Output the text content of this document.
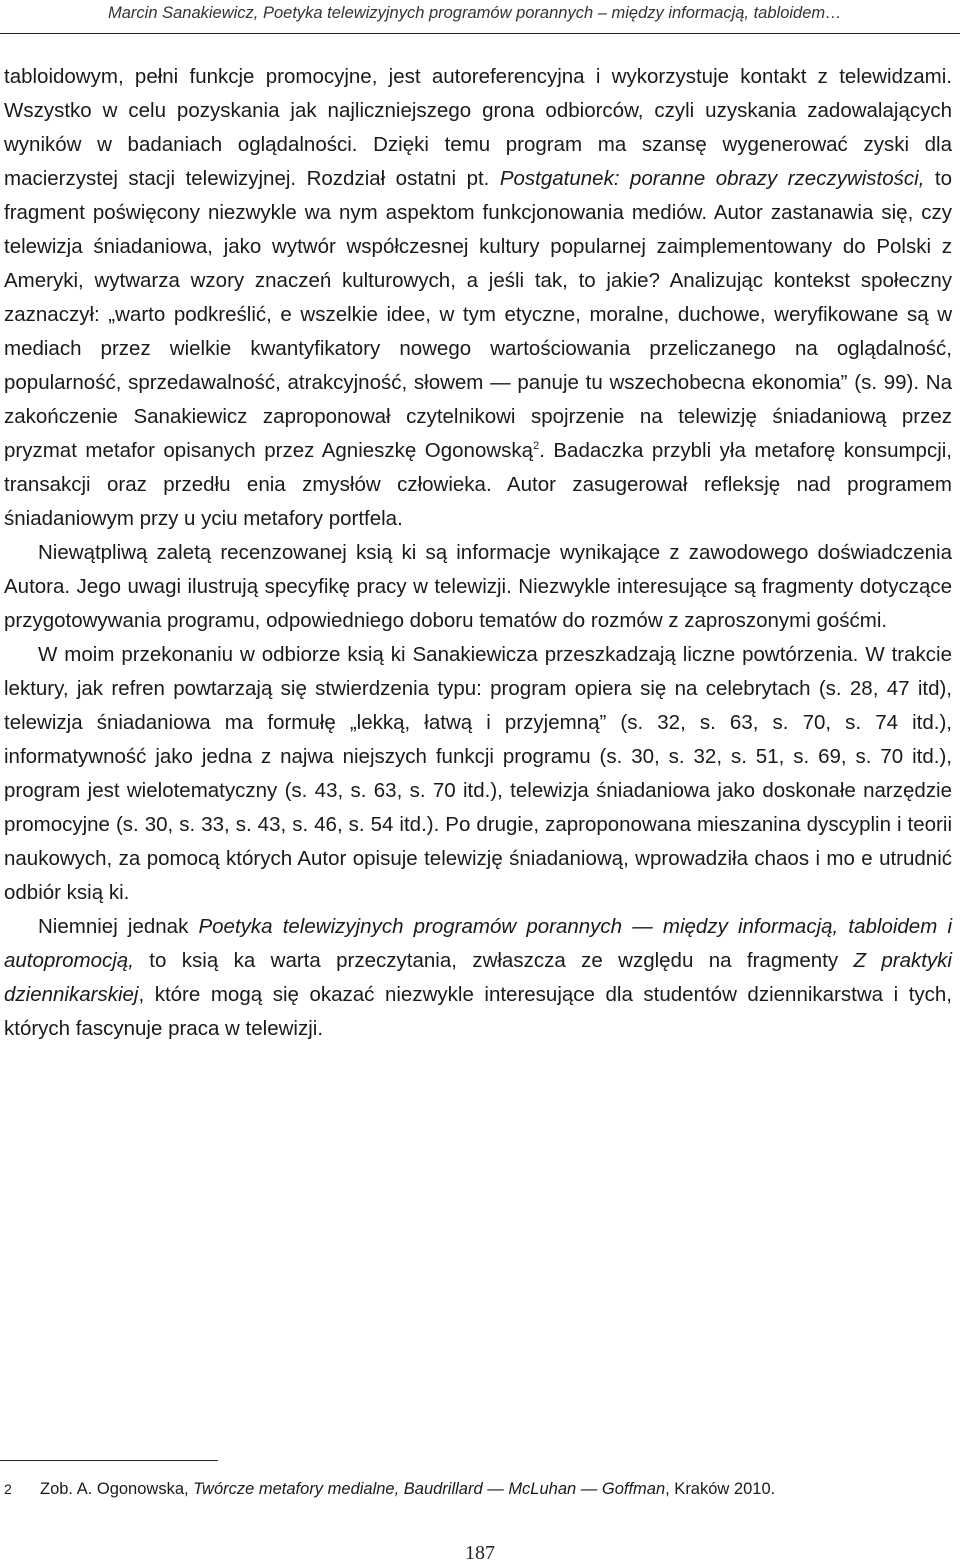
Marcin Sanakiewicz, Poetyka telewizyjnych programów porannych – między informacją, tabloidem…

tabloidowym, pełni funkcje promocyjne, jest autoreferencyjna i wykorzystuje kontakt z telewidzami. Wszystko w celu pozyskania jak najliczniejszego grona odbiorców, czyli uzyskania zadowalających wyników w badaniach oglądalności. Dzięki temu program ma szansę wygenerować zyski dla macierzystej stacji telewizyjnej. Rozdział ostatni pt. Postgatunek: poranne obrazy rzeczywistości, to fragment poświęcony niezwykle wa nym aspektom funkcjonowania mediów. Autor zastanawia się, czy telewizja śniadaniowa, jako wytwór współczesnej kultury popularnej zaimplementowany do Polski z Ameryki, wytwarza wzory znaczeń kulturowych, a jeśli tak, to jakie? Analizując kontekst społeczny zaznaczył: „warto podkreślić, e wszelkie idee, w tym etyczne, moralne, duchowe, weryfikowane są w mediach przez wielkie kwantyfikatory nowego wartościowania przeliczanego na oglądalność, popularność, sprzedawalność, atrakcyjność, słowem — panuje tu wszechobecna ekonomia” (s. 99). Na zakończenie Sanakiewicz zaproponował czytelnikowi spojrzenie na telewizję śniadaniową przez pryzmat metafor opisanych przez Agnieszkę Ogonowską$^2$. Badaczka przybli yła metaforę konsumpcji, transakcji oraz przedłu enia zmysłów człowieka. Autor zasugerował refleksję nad programem śniadaniowym przy u yciu metafory portfela.

Niewątpliwą zaletą recenzowanej ksią ki są informacje wynikające z zawodowego doświadczenia Autora. Jego uwagi ilustrują specyfikę pracy w telewizji. Niezwykle interesujące są fragmenty dotyczące przygotowywania programu, odpowiedniego doboru tematów do rozmów z zaproszonymi gośćmi.

W moim przekonaniu w odbiorze ksią ki Sanakiewicza przeszkadzają liczne powtórzenia. W trakcie lektury, jak refren powtarzają się stwierdzenia typu: program opiera się na celebrytach (s. 28, 47 itd), telewizja śniadaniowa ma formułę „lekką, łatwą i przyjemną” (s. 32, s. 63, s. 70, s. 74 itd.), informatywność jako jedna z najwa niejszych funkcji programu (s. 30, s. 32, s. 51, s. 69, s. 70 itd.), program jest wielotematyczny (s. 43, s. 63, s. 70 itd.), telewizja śniadaniowa jako doskonałe narzędzie promocyjne (s. 30, s. 33, s. 43, s. 46, s. 54 itd.). Po drugie, zaproponowana mieszanina dyscyplin i teorii naukowych, za pomocą których Autor opisuje telewizję śniadaniową, wprowadziła chaos i mo e utrudnić odbiór ksią ki.

Niemniej jednak Poetyka telewizyjnych programów porannych — między informacją, tabloidem i autopromocją, to ksią ka warta przeczytania, zwłaszcza ze względu na fragmenty Z praktyki dziennikarskiej, które mogą się okazać niezwykle interesujące dla studentów dziennikarstwa i tych, których fascynuje praca w telewizji.

2 Zob. A. Ogonowska, Twórcze metafory medialne, Baudrillard — McLuhan — Goffman, Kraków 2010.
187
